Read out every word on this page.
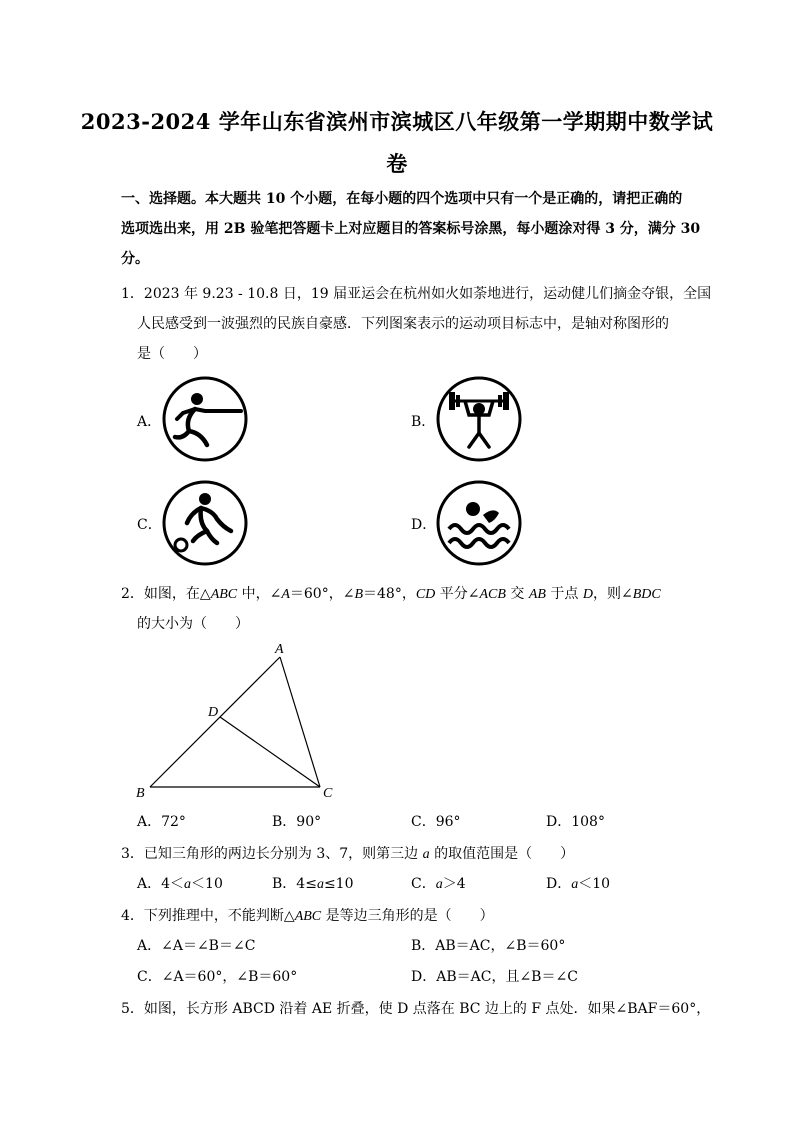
2023-2024 学年山东省滨州市滨城区八年级第一学期期中数学试
卷
一、选择题。本大题共 10 个小题，在每小题的四个选项中只有一个是正确的，请把正确的
选项选出来，用 2B 验笔把答题卡上对应题目的答案标号涂黑，每小题涂对得 3 分，满分 30
分。
1．2023 年 9.23 - 10.8 日，19 届亚运会在杭州如火如荼地进行，运动健儿们摘金夺银，全国
人民感受到一波强烈的民族自豪感．下列图案表示的运动项目标志中，是轴对称图形的
是（　　）
A．	B．
C．	D．
2．如图，在△ABC 中，∠A＝60°，∠B＝48°，CD 平分∠ACB 交 AB 于点 D，则∠BDC
的大小为（　　）
A
B	C
D
A．72°	B．90°	C．96°	D．108°
3．已知三角形的两边长分别为 3、7，则第三边 a 的取值范围是（　　）
A．4＜a＜10	B．4≤a≤10	C．a＞4	D．a＜10
4．下列推理中，不能判断△ABC 是等边三角形的是（　　）
A．∠A＝∠B＝∠C	B．AB＝AC，∠B＝60°
C．∠A＝60°，∠B＝60°	D．AB＝AC，且∠B＝∠C
5．如图，长方形 ABCD 沿着 AE 折叠，使 D 点落在 BC 边上的 F 点处．如果∠BAF＝60°，
